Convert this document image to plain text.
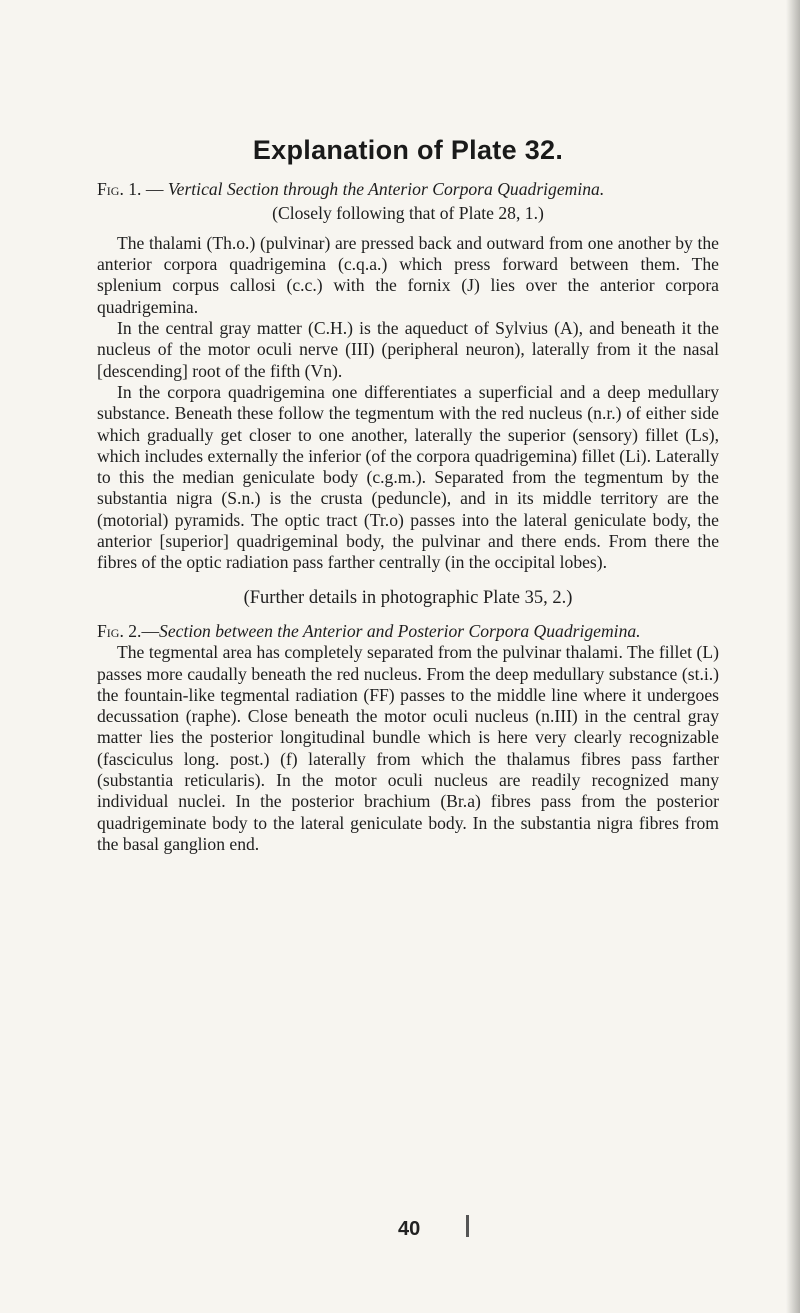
Explanation of Plate 32.

Fig. 1. — Vertical Section through the Anterior Corpora Quadrigemina.

(Closely following that of Plate 28, 1.)

The thalami (Th.o.) (pulvinar) are pressed back and outward from one another by the anterior corpora quadrigemina (c.q.a.) which press forward between them. The splenium corpus callosi (c.c.) with the fornix (J) lies over the anterior corpora quadrigemina.

In the central gray matter (C.H.) is the aqueduct of Sylvius (A), and beneath it the nucleus of the motor oculi nerve (III) (peripheral neuron), laterally from it the nasal [descending] root of the fifth (Vn).

In the corpora quadrigemina one differentiates a superficial and a deep medullary substance. Beneath these follow the tegmentum with the red nucleus (n.r.) of either side which gradually get closer to one another, laterally the superior (sensory) fillet (Ls), which includes externally the inferior (of the corpora quadrigemina) fillet (Li). Laterally to this the median geniculate body (c.g.m.). Separated from the tegmentum by the substantia nigra (S.n.) is the crusta (peduncle), and in its middle territory are the (motorial) pyramids. The optic tract (Tr.o) passes into the lateral geniculate body, the anterior [superior] quadrigeminal body, the pulvinar and there ends. From there the fibres of the optic radiation pass farther centrally (in the occipital lobes).

(Further details in photographic Plate 35, 2.)

Fig. 2.—Section between the Anterior and Posterior Corpora Quadrigemina.

The tegmental area has completely separated from the pulvinar thalami. The fillet (L) passes more caudally beneath the red nucleus. From the deep medullary substance (st.i.) the fountain-like tegmental radiation (FF) passes to the middle line where it undergoes decussation (raphe). Close beneath the motor oculi nucleus (n.III) in the central gray matter lies the posterior longitudinal bundle which is here very clearly recognizable (fasciculus long. post.) (f) laterally from which the thalamus fibres pass farther (substantia reticularis). In the motor oculi nucleus are readily recognized many individual nuclei. In the posterior brachium (Br.a) fibres pass from the posterior quadrigeminate body to the lateral geniculate body. In the substantia nigra fibres from the basal ganglion end.

40
